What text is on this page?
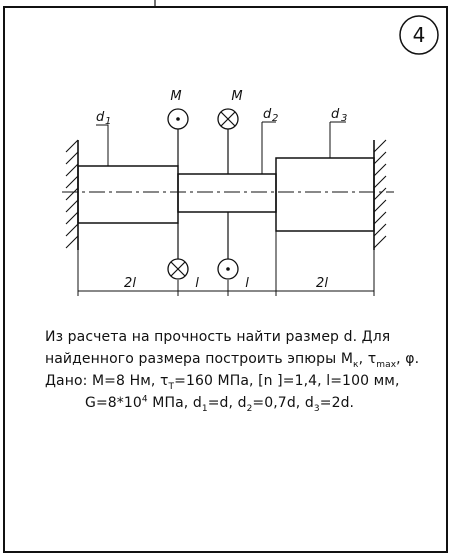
4
M	M
d 1	d 2	d 3
2l	l	l	2l
Из расчета на прочность найти размер d. Для
найденного размера построить эпюры $M_к$, $\tau_{max}$, φ.
Дано: M=8 Нм, $\tau_T=160$ МПа, [n ]=1,4, l=100 мм,
$G=8*10^4$ МПа, $d_1=d$, $d_2=0,7d$, $d_3=2d$.
